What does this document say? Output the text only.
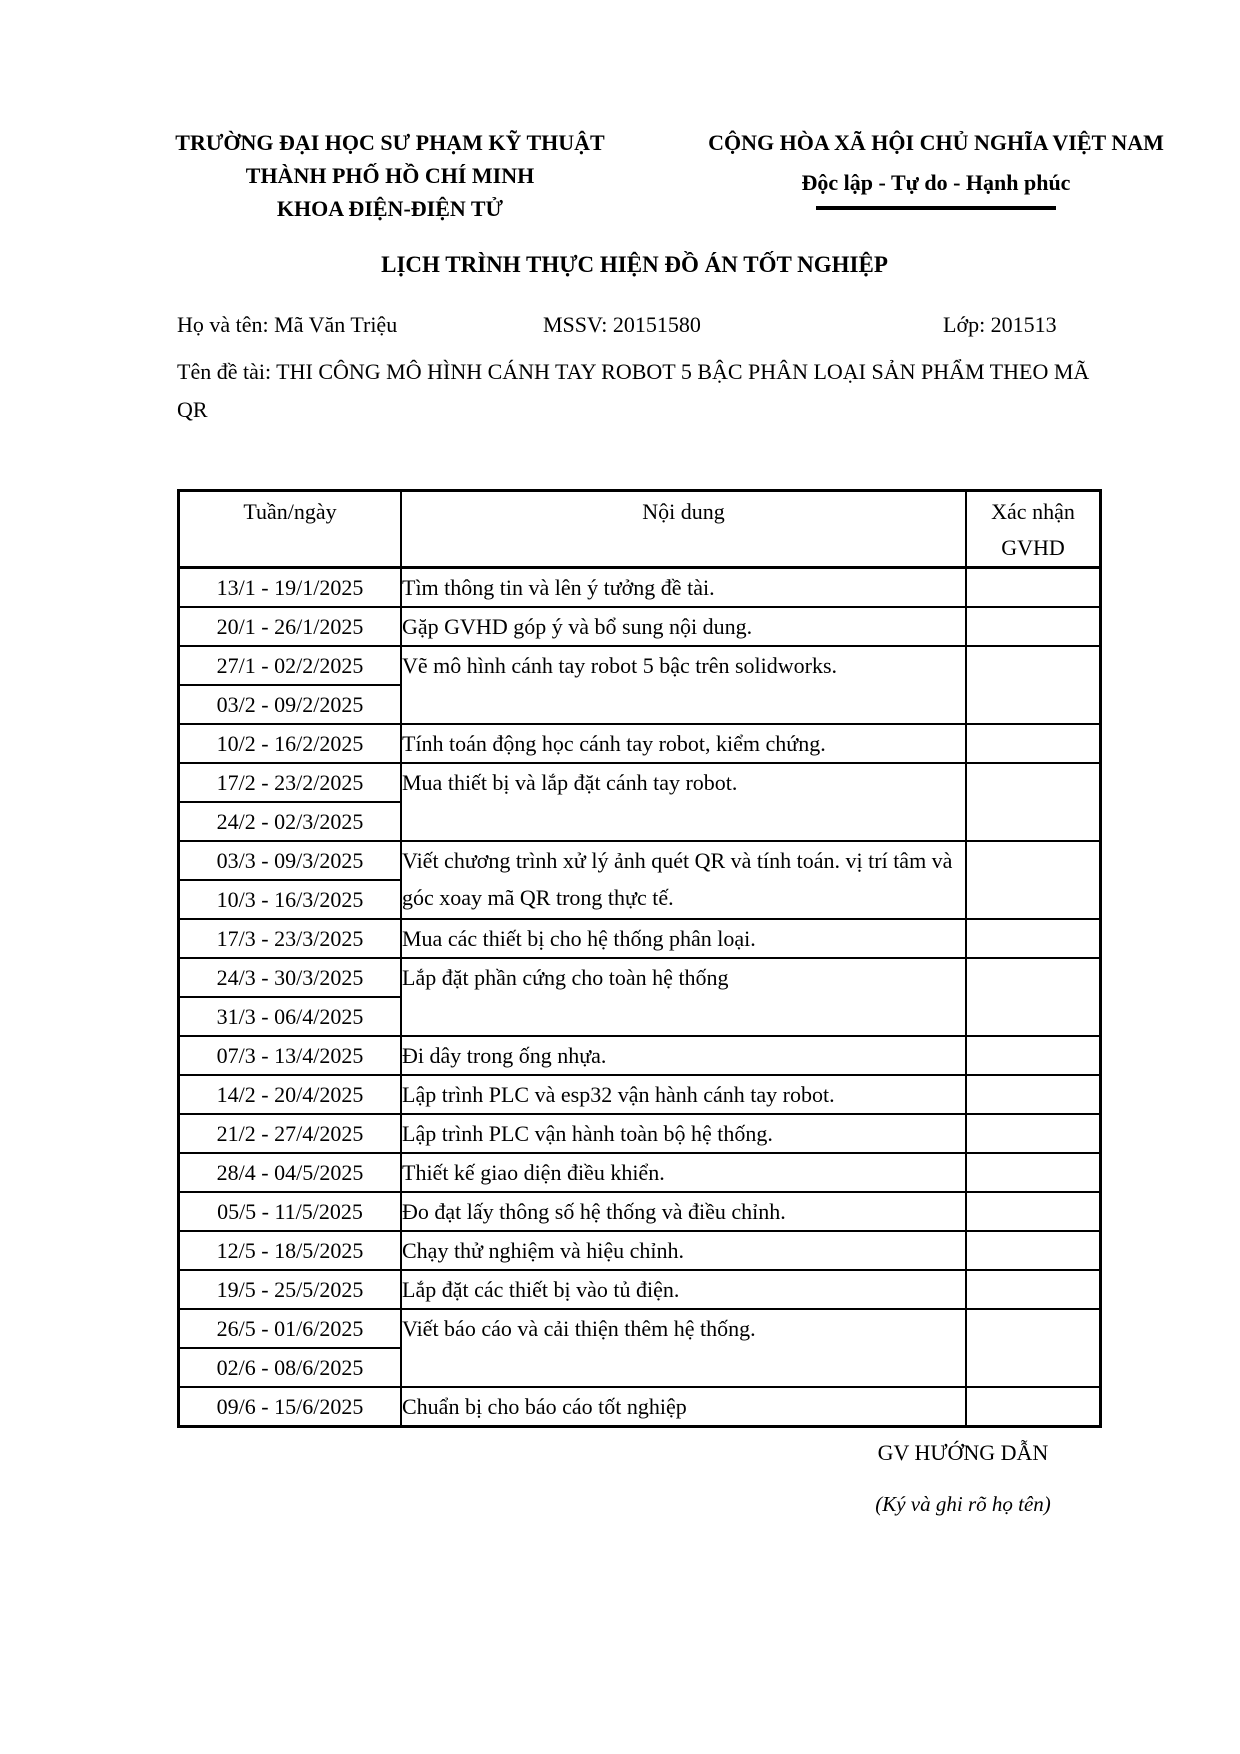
TRƯỜNG ĐẠI HỌC SƯ PHẠM KỸ THUẬT
THÀNH PHỐ HỒ CHÍ MINH
KHOA ĐIỆN-ĐIỆN TỬ
CỘNG HÒA XÃ HỘI CHỦ NGHĨA VIỆT NAM
Độc lập - Tự do - Hạnh phúc
LỊCH TRÌNH THỰC HIỆN ĐỒ ÁN TỐT NGHIỆP
Họ và tên: Mã Văn Triệu	MSSV: 20151580	Lớp: 201513
Tên đề tài: THI CÔNG MÔ HÌNH CÁNH TAY ROBOT 5 BẬC PHÂN LOẠI SẢN PHẨM THEO MÃ QR
Tuần/ngày	Nội dung	Xác nhận GVHD
13/1 - 19/1/2025	Tìm thông tin và lên ý tưởng đề tài.	
20/1 - 26/1/2025	Gặp GVHD góp ý và bổ sung nội dung.	
27/1 - 02/2/2025	Vẽ mô hình cánh tay robot 5 bậc trên solidworks.	
03/2 - 09/2/2025		
10/2 - 16/2/2025	Tính toán động học cánh tay robot, kiểm chứng.	
17/2 - 23/2/2025	Mua thiết bị và lắp đặt cánh tay robot.	
24/2 - 02/3/2025		
03/3 - 09/3/2025	Viết chương trình xử lý ảnh quét QR và tính toán. vị trí tâm và góc xoay mã QR trong thực tế.	
10/3 - 16/3/2025		
17/3 - 23/3/2025	Mua các thiết bị cho hệ thống phân loại.	
24/3 - 30/3/2025	Lắp đặt phần cứng cho toàn hệ thống	
31/3 - 06/4/2025		
07/3 - 13/4/2025	Đi dây trong ống nhựa.	
14/2 - 20/4/2025	Lập trình PLC và esp32 vận hành cánh tay robot.	
21/2 - 27/4/2025	Lập trình PLC vận hành toàn bộ hệ thống.	
28/4 - 04/5/2025	Thiết kế giao diện điều khiển.	
05/5 - 11/5/2025	Đo đạt lấy thông số hệ thống và điều chỉnh.	
12/5 - 18/5/2025	Chạy thử nghiệm và hiệu chỉnh.	
19/5 - 25/5/2025	Lắp đặt các thiết bị vào tủ điện.	
26/5 - 01/6/2025	Viết báo cáo và cải thiện thêm hệ thống.	
02/6 - 08/6/2025		
09/6 - 15/6/2025	Chuẩn bị cho báo cáo tốt nghiệp	
GV HƯỚNG DẪN
(Ký và ghi rõ họ tên)
